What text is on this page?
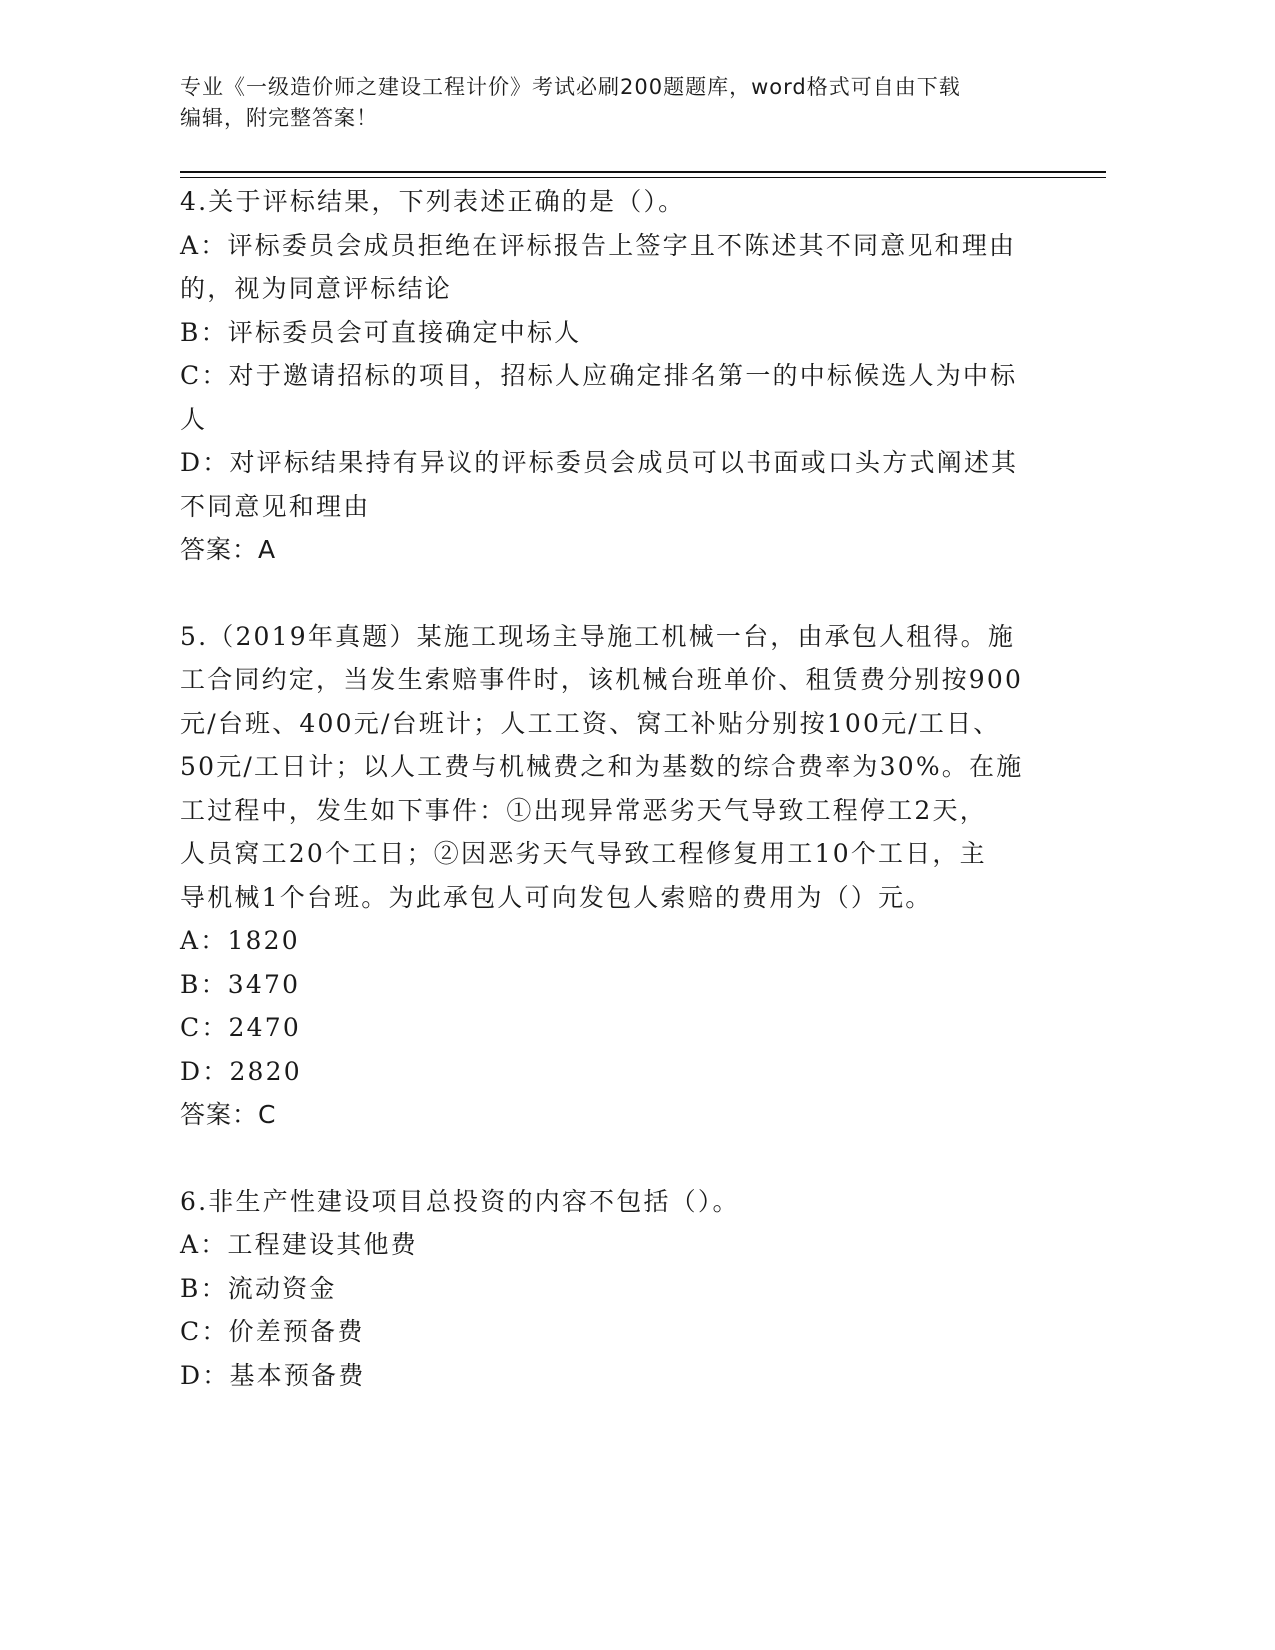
专业《一级造价师之建设工程计价》考试必刷200题题库，word格式可自由下载
编辑，附完整答案！
4.关于评标结果，下列表述正确的是（）。
A：评标委员会成员拒绝在评标报告上签字且不陈述其不同意见和理由
的，视为同意评标结论
B：评标委员会可直接确定中标人
C：对于邀请招标的项目，招标人应确定排名第一的中标候选人为中标
人
D：对评标结果持有异议的评标委员会成员可以书面或口头方式阐述其
不同意见和理由
答案：A
5.（2019年真题）某施工现场主导施工机械一台，由承包人租得。施
工合同约定，当发生索赔事件时，该机械台班单价、租赁费分别按900
元/台班、400元/台班计；人工工资、窝工补贴分别按100元/工日、
50元/工日计；以人工费与机械费之和为基数的综合费率为30%。在施
工过程中，发生如下事件：①出现异常恶劣天气导致工程停工2天，
人员窝工20个工日；②因恶劣天气导致工程修复用工10个工日，主
导机械1个台班。为此承包人可向发包人索赔的费用为（）元。
A：1820
B：3470
C：2470
D：2820
答案：C
6.非生产性建设项目总投资的内容不包括（）。
A：工程建设其他费
B：流动资金
C：价差预备费
D：基本预备费
